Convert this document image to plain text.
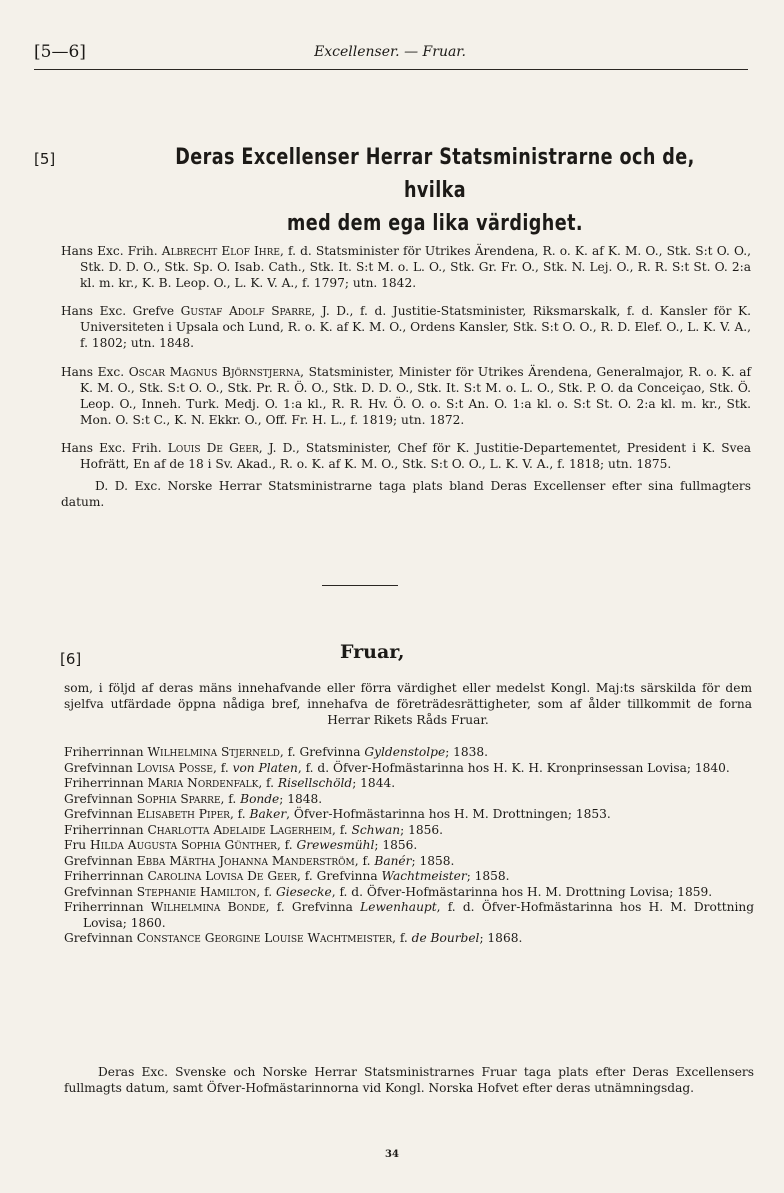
[5—6]	Excellenser. — Fruar.
[5]	Deras Excellenser Herrar Statsministrarne och de, hvilka
med dem ega lika värdighet.

Hans Exc. Frih. Albrecht Elof Ihre, f. d. Statsminister för Utrikes Ärendena, R. o. K. af K. M. O., Stk. S:t O. O., Stk. D. D. O., Stk. Sp. O. Isab. Cath., Stk. It. S:t M. o. L. O., Stk. Gr. Fr. O., Stk. N. Lej. O., R. R. S:t St. O. 2:a kl. m. kr., K. B. Leop. O., L. K. V. A., f. 1797; utn. 1842.

Hans Exc. Grefve Gustaf Adolf Sparre, J. D., f. d. Justitie-Statsminister, Riksmarskalk, f. d. Kansler för K. Universiteten i Upsala och Lund, R. o. K. af K. M. O., Ordens Kansler, Stk. S:t O. O., R. D. Elef. O., L. K. V. A., f. 1802; utn. 1848.

Hans Exc. Oscar Magnus Björnstjerna, Statsminister, Minister för Utrikes Ärendena, Generalmajor, R. o. K. af K. M. O., Stk. S:t O. O., Stk. Pr. R. Ö. O., Stk. D. D. O., Stk. It. S:t M. o. L. O., Stk. P. O. da Conceiçao, Stk. Ö. Leop. O., Inneh. Turk. Medj. O. 1:a kl., R. R. Hv. Ö. O. o. S:t An. O. 1:a kl. o. S:t St. O. 2:a kl. m. kr., Stk. Mon. O. S:t C., K. N. Ekkr. O., Off. Fr. H. L., f. 1819; utn. 1872.

Hans Exc. Frih. Louis De Geer, J. D., Statsminister, Chef för K. Justitie-Departementet, President i K. Svea Hofrätt, En af de 18 i Sv. Akad., R. o. K. af K. M. O., Stk. S:t O. O., L. K. V. A., f. 1818; utn. 1875.

D. D. Exc. Norske Herrar Statsministrarne taga plats bland Deras Excellenser efter sina fullmagters datum.

[6]	Fruar,

som, i följd af deras mäns innehafvande eller förra värdighet eller medelst Kongl. Maj:ts särskilda för dem sjelfva utfärdade öppna nådiga bref, innehafva de företrädesrättigheter, som af ålder tillkommit de forna Herrar Rikets Råds Fruar.

Friherrinnan Wilhelmina Stjerneld, f. Grefvinna Gyldenstolpe; 1838.

Grefvinnan Lovisa Posse, f. von Platen, f. d. Öfver-Hofmästarinna hos H. K. H. Kronprinsessan Lovisa; 1840.

Friherrinnan Maria Nordenfalk, f. Risellschöld; 1844.

Grefvinnan Sophia Sparre, f. Bonde; 1848.

Grefvinnan Elisabeth Piper, f. Baker, Öfver-Hofmästarinna hos H. M. Drottningen; 1853.

Friherrinnan Charlotta Adelaide Lagerheim, f. Schwan; 1856.

Fru Hilda Augusta Sophia Günther, f. Grewesmühl; 1856.

Grefvinnan Ebba Märtha Johanna Manderström, f. Banér; 1858.

Friherrinnan Carolina Lovisa De Geer, f. Grefvinna Wachtmeister; 1858.

Grefvinnan Stephanie Hamilton, f. Giesecke, f. d. Öfver-Hofmästarinna hos H. M. Drottning Lovisa; 1859.

Friherrinnan Wilhelmina Bonde, f. Grefvinna Lewenhaupt, f. d. Öfver-Hofmästarinna hos H. M. Drottning Lovisa; 1860.

Grefvinnan Constance Georgine Louise Wachtmeister, f. de Bourbel; 1868.

Deras Exc. Svenske och Norske Herrar Statsministrarnes Fruar taga plats efter Deras Excellensers fullmagts datum, samt Öfver-Hofmästarinnorna vid Kongl. Norska Hofvet efter deras utnämningsdag.

34
